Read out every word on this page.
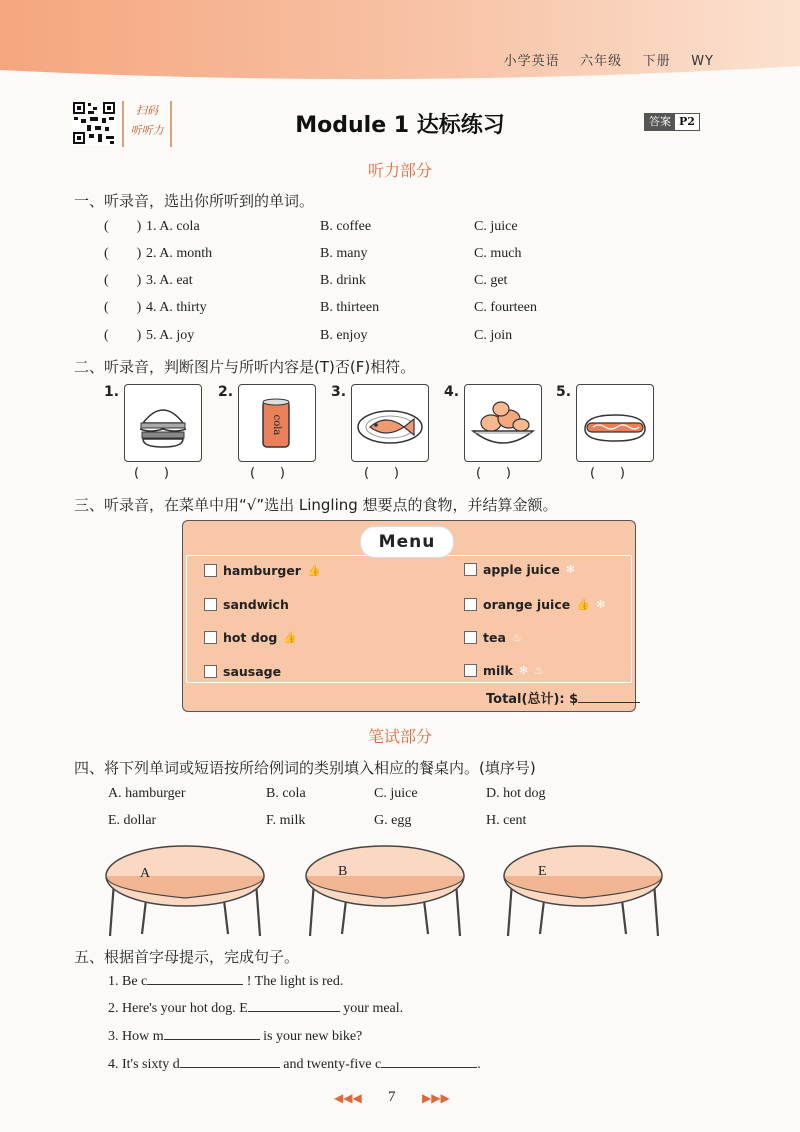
小学英语    六年级    下册    WY
扫码
听听力	Module 1 达标练习	答案 P2
听力部分
一、听录音，选出你所听到的单词。
(        ) 1. A. cola	B. coffee	C. juice
(        ) 2. A. month	B. many	C. much
(        ) 3. A. eat	B. drink	C. get
(        ) 4. A. thirty	B. thirteen	C. fourteen
(        ) 5. A. joy	B. enjoy	C. join
二、听录音，判断图片与所听内容是(T)否(F)相符。
1.
(      )
2.
cola
(      )
3.
(      )
4.
(      )
5.
(      )
三、听录音，在菜单中用“√”选出 Lingling 想要点的食物，并结算金额。
Menu
hamburger 👍
sandwich
hot dog 👍
sausage
apple juice ✻
orange juice 👍 ✻
tea ♨
milk ✻ ♨
Total(总计): $
笔试部分
四、将下列单词或短语按所给例词的类别填入相应的餐桌内。(填序号)
A. hamburger	B. cola	C. juice	D. hot dog
E. dollar	F. milk	G. egg	H. cent
A	B	E
五、根据首字母提示，完成句子。
1. Be c	! The light is red.
2. Here's your hot dog. E	your meal.
3. How m	is your new bike?
4. It's sixty d	and twenty-five c	.
◀◀◀ 7 ▶▶▶
